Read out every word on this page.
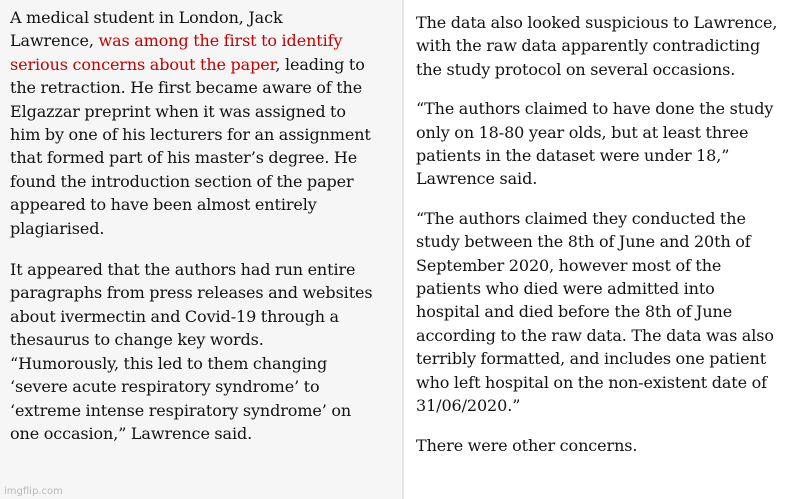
A medical student in London, Jack
Lawrence, was among the first to identify
serious concerns about the paper, leading to
the retraction. He first became aware of the
Elgazzar preprint when it was assigned to
him by one of his lecturers for an assignment
that formed part of his master’s degree. He
found the introduction section of the paper
appeared to have been almost entirely
plagiarised.

It appeared that the authors had run entire
paragraphs from press releases and websites
about ivermectin and Covid-19 through a
thesaurus to change key words.
“Humorously, this led to them changing
‘severe acute respiratory syndrome’ to
‘extreme intense respiratory syndrome’ on
one occasion,” Lawrence said.

The data also looked suspicious to Lawrence,
with the raw data apparently contradicting
the study protocol on several occasions.

“The authors claimed to have done the study
only on 18-80 year olds, but at least three
patients in the dataset were under 18,”
Lawrence said.

“The authors claimed they conducted the
study between the 8th of June and 20th of
September 2020, however most of the
patients who died were admitted into
hospital and died before the 8th of June
according to the raw data. The data was also
terribly formatted, and includes one patient
who left hospital on the non-existent date of
31/06/2020.”

There were other concerns.

imgflip.com
